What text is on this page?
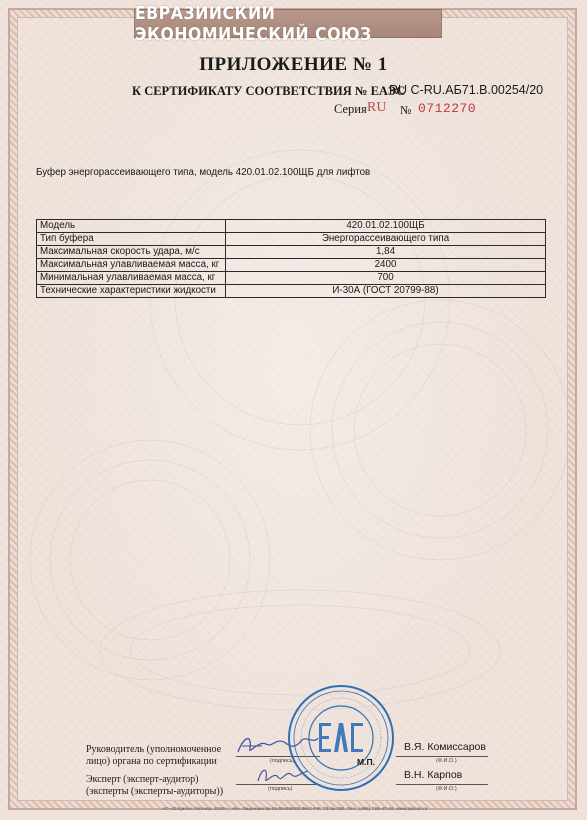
ЕВРАЗИЙСКИЙ ЭКОНОМИЧЕСКИЙ СОЮЗ
ПРИЛОЖЕНИЕ № 1
К СЕРТИФИКАТУ СООТВЕТСТВИЯ № ЕАЭС
RU С-RU.АБ71.В.00254/20
Серия RU № 0712270
Буфер энергорассеивающего типа, модель 420.01.02.100ЩБ для лифтов
Модель	420.01.02.100ЩБ
Тип буфера	Энергорассеивающего типа
Максимальная скорость удара, м/с	1,84
Максимальная улавливаемая масса, кг	2400
Минимальная улавливаемая масса, кг	700
Технические характеристики жидкости	И-30А (ГОСТ 20799-88)
Руководитель (уполномоченное
лицо) органа по сертификации	(подпись)
В.Я. Комиссаров
(Ф.И.О.)
Эксперт (эксперт-аудитор)
(эксперты (эксперты-аудиторы))	(подпись)
В.Н. Карпов
(Ф.И.О.)
М.П.
АО «Опцион», Москва, 2019 г., «Б». Лицензия № 05-05-09/003 ФНС РФ, ТЗ № 780. Тел.: (495) 726-47-42, www.opcion.ru
